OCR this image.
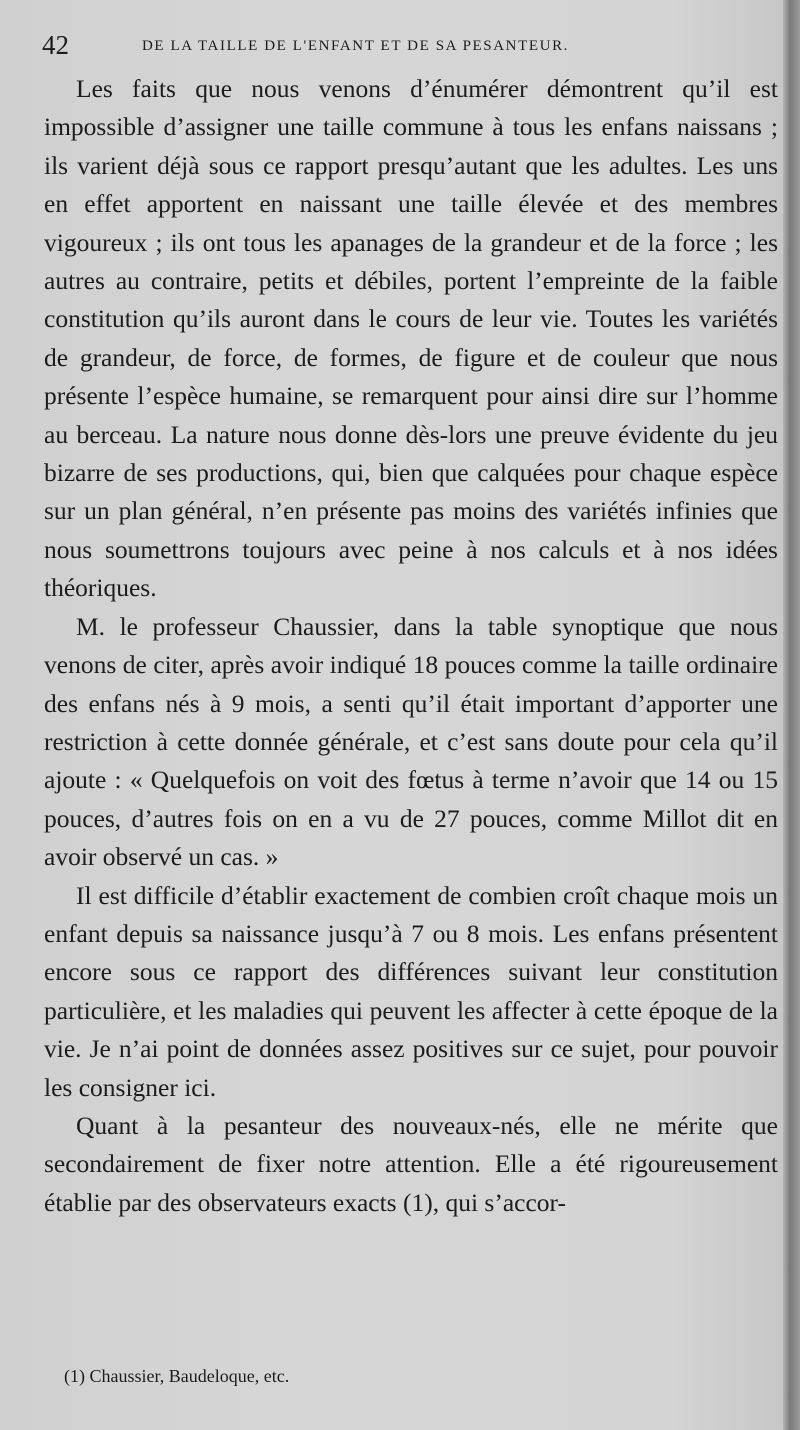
42	DE LA TAILLE DE L'ENFANT ET DE SA PESANTEUR.

Les faits que nous venons d’énumérer démontrent qu’il est impossible d’assigner une taille commune à tous les enfans naissans ; ils varient déjà sous ce rapport presqu’autant que les adultes. Les uns en effet apportent en naissant une taille élevée et des membres vigoureux ; ils ont tous les apanages de la grandeur et de la force ; les autres au contraire, petits et débiles, portent l’empreinte de la faible constitution qu’ils auront dans le cours de leur vie. Toutes les variétés de grandeur, de force, de formes, de figure et de couleur que nous présente l’espèce humaine, se remarquent pour ainsi dire sur l’homme au berceau. La nature nous donne dès-lors une preuve évidente du jeu bizarre de ses productions, qui, bien que calquées pour chaque espèce sur un plan général, n’en présente pas moins des variétés infinies que nous soumettrons toujours avec peine à nos calculs et à nos idées théoriques.

M. le professeur Chaussier, dans la table synoptique que nous venons de citer, après avoir indiqué 18 pouces comme la taille ordinaire des enfans nés à 9 mois, a senti qu’il était important d’apporter une restriction à cette donnée générale, et c’est sans doute pour cela qu’il ajoute : « Quelquefois on voit des fœtus à terme n’avoir que 14 ou 15 pouces, d’autres fois on en a vu de 27 pouces, comme Millot dit en avoir observé un cas. »

Il est difficile d’établir exactement de combien croît chaque mois un enfant depuis sa naissance jusqu’à 7 ou 8 mois. Les enfans présentent encore sous ce rapport des différences suivant leur constitution particulière, et les maladies qui peuvent les affecter à cette époque de la vie. Je n’ai point de données assez positives sur ce sujet, pour pouvoir les consigner ici.

Quant à la pesanteur des nouveaux-nés, elle ne mérite que secondairement de fixer notre attention. Elle a été rigoureusement établie par des observateurs exacts (1), qui s’accor-

(1) Chaussier, Baudeloque, etc.
